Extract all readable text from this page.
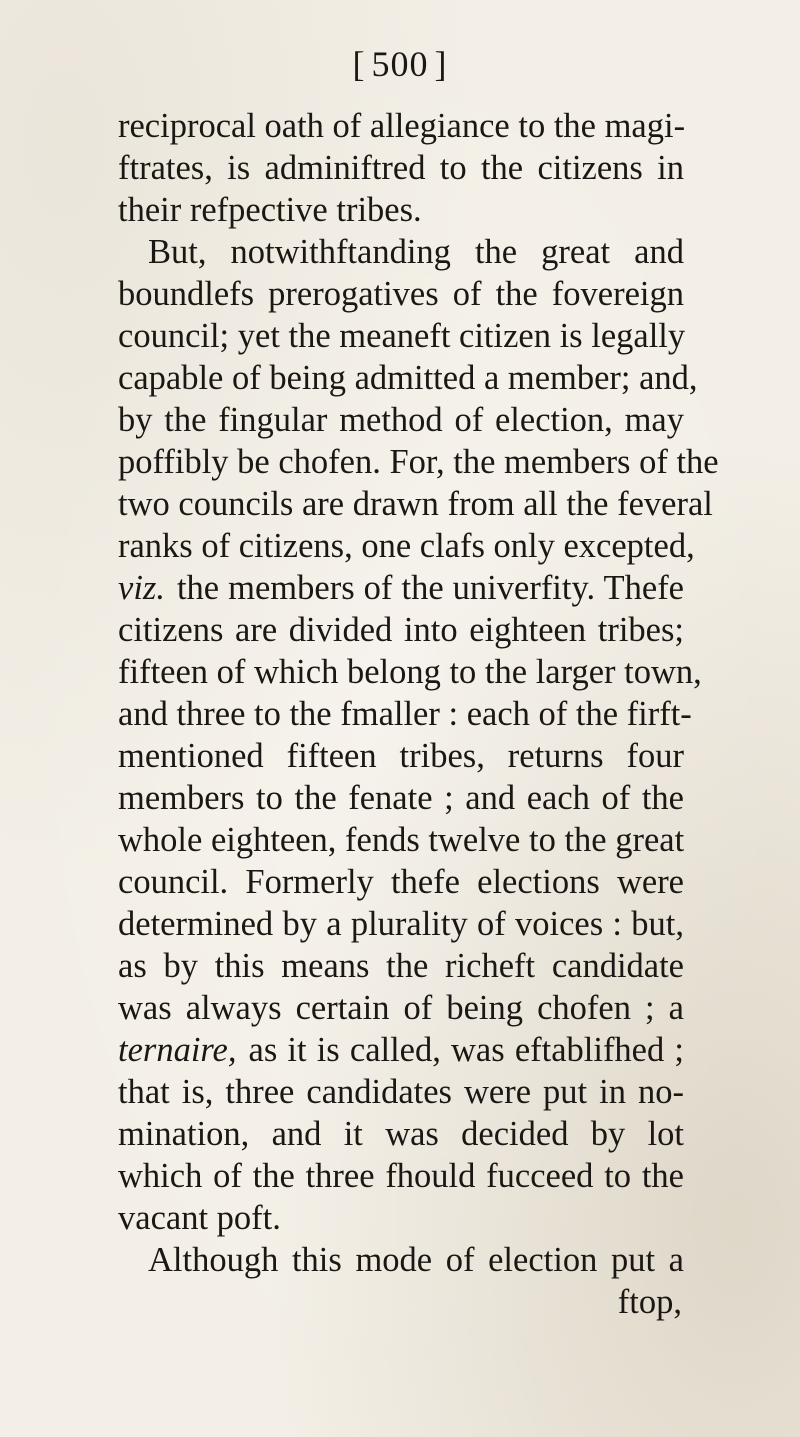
[ 500 ]
reciprocal oath of allegiance to the magi-
ftrates, is adminiftred to the citizens in
their refpective tribes.
But, notwithftanding the great and
boundlefs prerogatives of the fovereign
council; yet the meaneft citizen is legally
capable of being admitted a member; and,
by the fingular method of election, may
poffibly be chofen. For, the members of the
two councils are drawn from all the feveral
ranks of citizens, one clafs only excepted,
viz. the members of the univerfity. Thefe
citizens are divided into eighteen tribes;
fifteen of which belong to the larger town,
and three to the fmaller : each of the firft-
mentioned fifteen tribes, returns four
members to the fenate ; and each of the
whole eighteen, fends twelve to the great
council. Formerly thefe elections were
determined by a plurality of voices : but,
as by this means the richeft candidate
was always certain of being chofen ; a
ternaire, as it is called, was eftablifhed ;
that is, three candidates were put in no-
mination, and it was decided by lot
which of the three fhould fucceed to the
vacant poft.
Although this mode of election put a
ftop,
